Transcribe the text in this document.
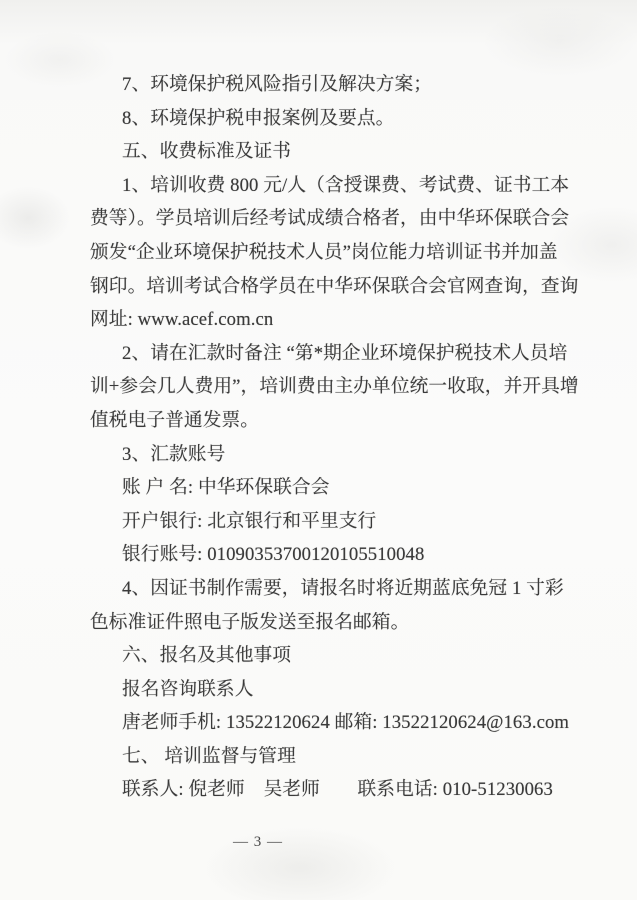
7、环境保护税风险指引及解决方案；
8、环境保护税申报案例及要点。
五、收费标准及证书
1、培训收费 800 元/人（含授课费、考试费、证书工本
费等）。学员培训后经考试成绩合格者，由中华环保联合会
颁发“企业环境保护税技术人员”岗位能力培训证书并加盖
钢印。培训考试合格学员在中华环保联合会官网查询，查询
网址: www.acef.com.cn
2、请在汇款时备注 “第*期企业环境保护税技术人员培
训+参会几人费用”，培训费由主办单位统一收取，并开具增
值税电子普通发票。
3、汇款账号
账 户 名: 中华环保联合会
开户银行: 北京银行和平里支行
银行账号: 01090353700120105510048
4、因证书制作需要，请报名时将近期蓝底免冠 1 寸彩
色标准证件照电子版发送至报名邮箱。
六、报名及其他事项
报名咨询联系人
唐老师手机: 13522120624 邮箱: 13522120624@163.com
七、 培训监督与管理
联系人: 倪老师　吴老师　　联系电话: 010-51230063
— 3 —
